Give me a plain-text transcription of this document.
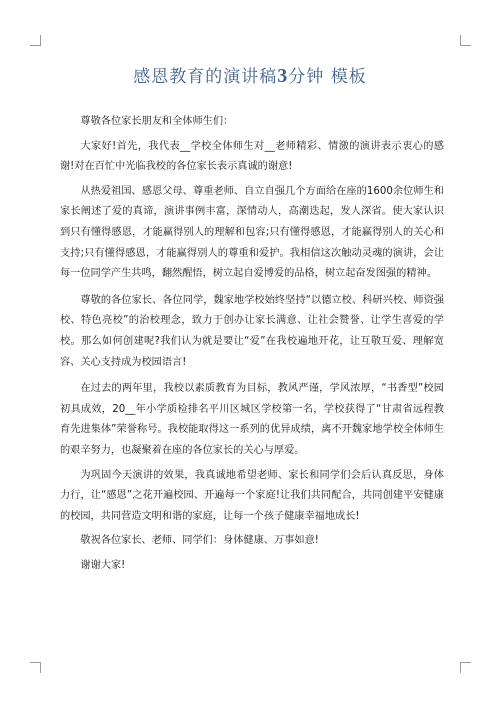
感恩教育的演讲稿3分钟 模板

尊敬各位家长朋友和全体师生们：

大家好!首先，我代表__学校全体师生对__老师精彩、情激的演讲表示衷心的感谢!对在百忙中光临我校的各位家长表示真诚的谢意!

从热爱祖国、感恩父母、尊重老师、自立自强几个方面给在座的1600余位师生和家长阐述了爱的真谛，演讲事例丰富，深情动人，高潮迭起，发人深省。使大家认识到只有懂得感恩，才能赢得别人的理解和包容;只有懂得感恩，才能赢得别人的关心和支持;只有懂得感恩，才能赢得别人的尊重和爱护。我相信这次触动灵魂的演讲，会让每一位同学产生共鸣，翻然醒悟，树立起自爱博爱的品格，树立起奋发图强的精神。

尊敬的各位家长、各位同学，魏家地学校始终坚持“以德立校、科研兴校、师资强校、特色亮校”的治校理念，致力于创办让家长满意、让社会赞誉、让学生喜爱的学校。那么如何创建呢?我们认为就是要让“爱”在我校遍地开花，让互敬互爱、理解宽容、关心支持成为校园语言!

在过去的两年里，我校以素质教育为目标，教风严谨，学风浓厚，“书香型”校园初具成效，20__年小学质检排名平川区城区学校第一名，学校获得了“甘肃省远程教育先进集体”荣誉称号。我校能取得这一系列的优异成绩，离不开魏家地学校全体师生的艰辛努力，也凝聚着在座的各位家长的关心与厚爱。

为巩固今天演讲的效果，我真诚地希望老师、家长和同学们会后认真反思，身体力行，让“感恩”之花开遍校园、开遍每一个家庭!让我们共同配合，共同创建平安健康的校园，共同营造文明和谐的家庭，让每一个孩子健康幸福地成长!

敬祝各位家长、老师、同学们：身体健康、万事如意!

谢谢大家!
